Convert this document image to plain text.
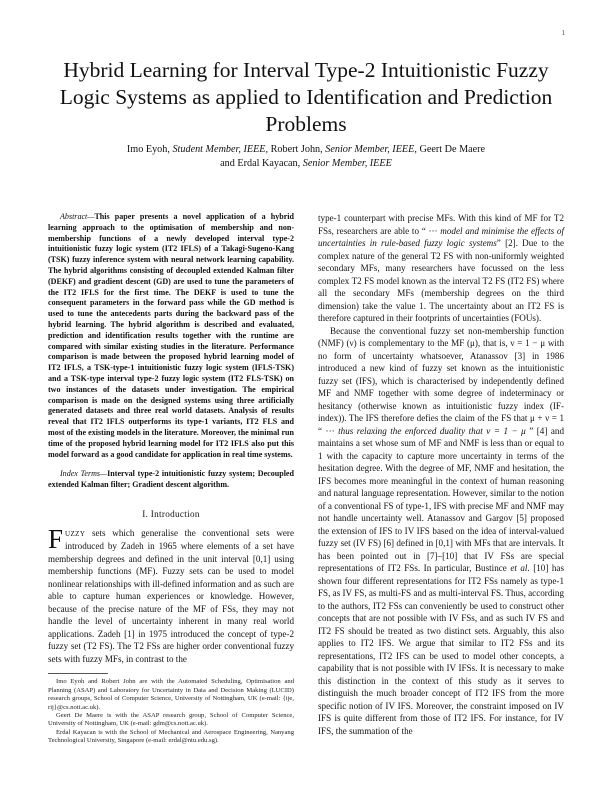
1
Hybrid Learning for Interval Type-2 Intuitionistic Fuzzy Logic Systems as applied to Identification and Prediction Problems

Imo Eyoh, Student Member, IEEE, Robert John, Senior Member, IEEE, Geert De Maere
and Erdal Kayacan, Senior Member, IEEE

Abstract—This paper presents a novel application of a hybrid learning approach to the optimisation of membership and non-membership functions of a newly developed interval type-2 intuitionistic fuzzy logic system (IT2 IFLS) of a Takagi-Sugeno-Kang (TSK) fuzzy inference system with neural network learning capability. The hybrid algorithms consisting of decoupled extended Kalman filter (DEKF) and gradient descent (GD) are used to tune the parameters of the IT2 IFLS for the first time. The DEKF is used to tune the consequent parameters in the forward pass while the GD method is used to tune the antecedents parts during the backward pass of the hybrid learning. The hybrid algorithm is described and evaluated, prediction and identification results together with the runtime are compared with similar existing studies in the literature. Performance comparison is made between the proposed hybrid learning model of IT2 IFLS, a TSK-type-1 intuitionistic fuzzy logic system (IFLS-TSK) and a TSK-type interval type-2 fuzzy logic system (IT2 FLS-TSK) on two instances of the datasets under investigation. The empirical comparison is made on the designed systems using three artificially generated datasets and three real world datasets. Analysis of results reveal that IT2 IFLS outperforms its type-1 variants, IT2 FLS and most of the existing models in the literature. Moreover, the minimal run time of the proposed hybrid learning model for IT2 IFLS also put this model forward as a good candidate for application in real time systems.

Index Terms—Interval type-2 intuitionistic fuzzy system; Decoupled extended Kalman filter; Gradient descent algorithm.

I. Introduction

FUZZY sets which generalise the conventional sets were introduced by Zadeh in 1965 where elements of a set have membership degrees and defined in the unit interval [0,1] using membership functions (MF). Fuzzy sets can be used to model nonlinear relationships with ill-defined information and as such are able to capture human experiences or knowledge. However, because of the precise nature of the MF of FSs, they may not handle the level of uncertainty inherent in many real world applications. Zadeh [1] in 1975 introduced the concept of type-2 fuzzy set (T2 FS). The T2 FSs are higher order conventional fuzzy sets with fuzzy MFs, in contrast to the

Imo Eyoh and Robert John are with the Automated Scheduling, Optimisation and Planning (ASAP) and Laboratory for Uncertainty in Data and Decision Making (LUCID) research groups, School of Computer Science, University of Nottingham, UK (e-mail: {ije, rij}@cs.nott.ac.uk).

Geert De Maere is with the ASAP research group, School of Computer Science, University of Nottingham, UK (e-mail: gdm@cs.nott.ac.uk).

Erdal Kayacan is with the School of Mechanical and Aerospace Engineering, Nanyang Technological University, Singapore (e-mail: erdal@ntu.edu.sg).

type-1 counterpart with precise MFs. With this kind of MF for T2 FSs, researchers are able to “ ··· model and minimise the effects of uncertainties in rule-based fuzzy logic systems” [2]. Due to the complex nature of the general T2 FS with non-uniformly weighted secondary MFs, many researchers have focussed on the less complex T2 FS model known as the interval T2 FS (IT2 FS) where all the secondary MFs (membership degrees on the third dimension) take the value 1. The uncertainty about an IT2 FS is therefore captured in their footprints of uncertainties (FOUs).

Because the conventional fuzzy set non-membership function (NMF) (ν) is complementary to the MF (μ), that is, ν = 1 − μ with no form of uncertainty whatsoever, Atanassov [3] in 1986 introduced a new kind of fuzzy set known as the intuitionistic fuzzy set (IFS), which is characterised by independently defined MF and NMF together with some degree of indeterminacy or hesitancy (otherwise known as intuitionistic fuzzy index (IF-index)). The IFS therefore defies the claim of the FS that μ + ν = 1 “ ··· thus relaxing the enforced duality that ν = 1 − μ ” [4] and maintains a set whose sum of MF and NMF is less than or equal to 1 with the capacity to capture more uncertainty in terms of the hesitation degree. With the degree of MF, NMF and hesitation, the IFS becomes more meaningful in the context of human reasoning and natural language representation. However, similar to the notion of a conventional FS of type-1, IFS with precise MF and NMF may not handle uncertainty well. Atanassov and Gargov [5] proposed the extension of IFS to IV IFS based on the idea of interval-valued fuzzy set (IV FS) [6] defined in [0,1] with MFs that are intervals. It has been pointed out in [7]–[10] that IV FSs are special representations of IT2 FSs. In particular, Bustince et al. [10] has shown four different representations for IT2 FSs namely as type-1 FS, as IV FS, as multi-FS and as multi-interval FS. Thus, according to the authors, IT2 FSs can conveniently be used to construct other concepts that are not possible with IV FSs, and as such IV FS and IT2 FS should be treated as two distinct sets. Arguably, this also applies to IT2 IFS. We argue that similar to IT2 FSs and its representations, IT2 IFS can be used to model other concepts, a capability that is not possible with IV IFSs. It is necessary to make this distinction in the context of this study as it serves to distinguish the much broader concept of IT2 IFS from the more specific notion of IV IFS. Moreover, the constraint imposed on IV IFS is quite different from those of IT2 IFS. For instance, for IV IFS, the summation of the
